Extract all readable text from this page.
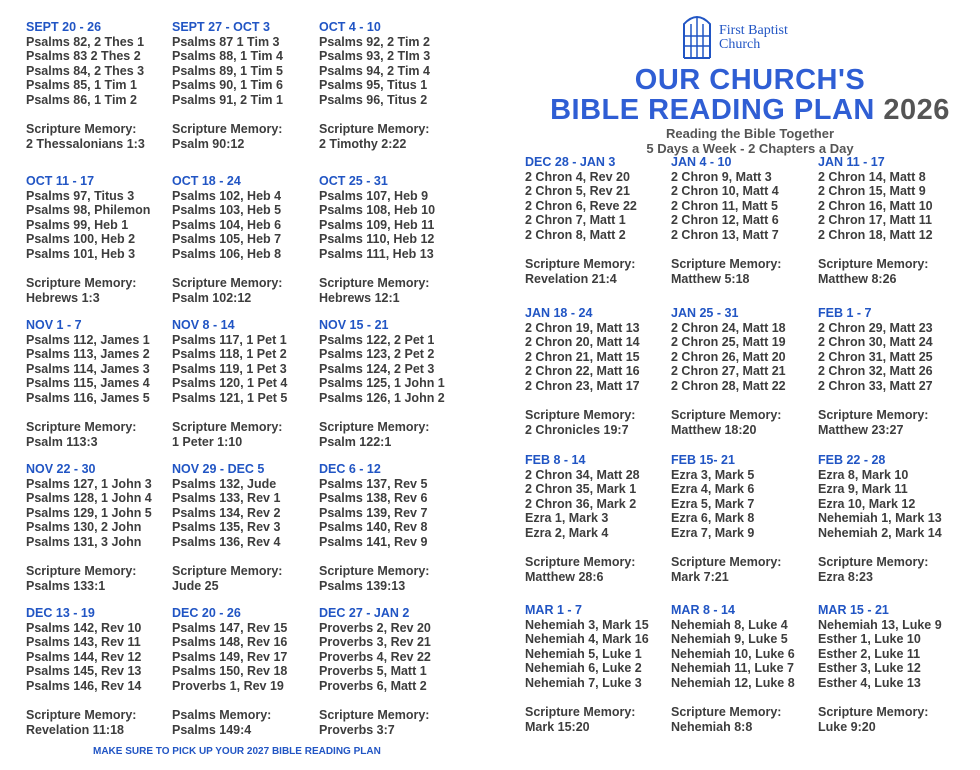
SEPT 20 - 26
Psalms 82, 2 Thes 1
Psalms 83 2 Thes 2
Psalms 84, 2 Thes 3
Psalms 85, 1 Tim 1
Psalms 86, 1 Tim 2
Scripture Memory:
2 Thessalonians 1:3
SEPT 27 - OCT 3
Psalms 87 1 Tim 3
Psalms 88, 1 Tim 4
Psalms 89, 1 Tim 5
Psalms 90, 1 Tim 6
Psalms 91, 2 Tim 1
Scripture Memory:
Psalm 90:12
OCT 4 - 10
Psalms 92, 2 Tim 2
Psalms 93, 2 TIm 3
Psalms 94, 2 Tim 4
Psalms 95, Titus 1
Psalms 96, Titus 2
Scripture Memory:
2 Timothy 2:22
OCT 11 - 17
Psalms 97, Titus 3
Psalms 98, Philemon
Psalms 99, Heb 1
Psalms 100, Heb 2
Psalms 101, Heb 3
Scripture Memory:
Hebrews 1:3
OCT 18 - 24
Psalms 102, Heb 4
Psalms 103, Heb 5
Psalms 104, Heb 6
Psalms 105, Heb 7
Psalms 106, Heb 8
Scripture Memory:
Psalm 102:12
OCT 25 - 31
Psalms 107, Heb 9
Psalms 108, Heb 10
Psalms 109, Heb 11
Psalms 110, Heb 12
Psalms 111, Heb 13
Scripture Memory:
Hebrews 12:1
NOV 1 - 7
Psalms 112, James 1
Psalms 113, James 2
Psalms 114, James 3
Psalms 115, James 4
Psalms 116, James 5
Scripture Memory:
Psalm 113:3
NOV 8 - 14
Psalms 117, 1 Pet 1
Psalms 118, 1 Pet 2
Psalms 119, 1 Pet 3
Psalms 120, 1 Pet 4
Psalms 121, 1 Pet 5
Scripture Memory:
1 Peter 1:10
NOV 15 - 21
Psalms 122, 2 Pet 1
Psalms 123, 2 Pet 2
Psalms 124, 2 Pet 3
Psalms 125, 1 John 1
Psalms 126, 1 John 2
Scripture Memory:
Psalm 122:1
NOV 22 - 30
Psalms 127, 1 John 3
Psalms 128, 1 John 4
Psalms 129, 1 John 5
Psalms 130, 2 John
Psalms 131, 3 John
Scripture Memory:
Psalms 133:1
NOV 29 - DEC 5
Psalms 132, Jude
Psalms 133, Rev 1
Psalms 134, Rev 2
Psalms 135, Rev 3
Psalms 136, Rev 4
Scripture Memory:
Jude 25
DEC 6 - 12
Psalms 137, Rev 5
Psalms 138, Rev 6
Psalms 139, Rev 7
Psalms 140, Rev 8
Psalms 141, Rev 9
Scripture Memory:
Psalms 139:13
DEC 13 - 19
Psalms 142, Rev 10
Psalms 143, Rev 11
Psalms 144, Rev 12
Psalms 145, Rev 13
Psalms 146, Rev 14
Scripture Memory:
Revelation 11:18
DEC 20 - 26
Psalms 147, Rev 15
Psalms 148, Rev 16
Psalms 149, Rev 17
Psalms 150, Rev 18
Proverbs 1, Rev 19
Psalms Memory:
Psalms 149:4
DEC 27 - JAN 2
Proverbs 2, Rev 20
Proverbs 3, Rev 21
Proverbs 4, Rev 22
Proverbs 5, Matt 1
Proverbs 6, Matt 2
Scripture Memory:
Proverbs 3:7
DEC 28 - JAN 3
2 Chron 4, Rev 20
2 Chron 5, Rev 21
2 Chron 6, Reve 22
2 Chron 7, Matt 1
2 Chron 8, Matt 2
Scripture Memory:
Revelation 21:4
JAN 4 - 10
2 Chron 9, Matt 3
2 Chron 10, Matt 4
2 Chron 11, Matt 5
2 Chron 12, Matt 6
2 Chron 13, Matt 7
Scripture Memory:
Matthew 5:18
JAN 11 - 17
2 Chron 14, Matt 8
2 Chron 15, Matt 9
2 Chron 16, Matt 10
2 Chron 17, Matt 11
2 Chron 18, Matt 12
Scripture Memory:
Matthew 8:26
JAN 18 - 24
2 Chron 19, Matt 13
2 Chron 20, Matt 14
2 Chron 21, Matt 15
2 Chron 22, Matt 16
2 Chron 23, Matt 17
Scripture Memory:
2 Chronicles 19:7
JAN 25 - 31
2 Chron 24, Matt 18
2 Chron 25, Matt 19
2 Chron 26, Matt 20
2 Chron 27, Matt 21
2 Chron 28, Matt 22
Scripture Memory:
Matthew 18:20
FEB 1 - 7
2 Chron 29, Matt 23
2 Chron 30, Matt 24
2 Chron 31, Matt 25
2 Chron 32, Matt 26
2 Chron 33, Matt 27
Scripture Memory:
Matthew 23:27
FEB 8 - 14
2 Chron 34, Matt 28
2 Chron 35, Mark 1
2 Chron 36, Mark 2
Ezra 1, Mark 3
Ezra 2, Mark 4
Scripture Memory:
Matthew 28:6
FEB 15- 21
Ezra 3, Mark 5
Ezra 4, Mark 6
Ezra 5, Mark 7
Ezra 6, Mark 8
Ezra 7, Mark 9
Scripture Memory:
Mark 7:21
FEB 22 - 28
Ezra 8, Mark 10
Ezra 9, Mark 11
Ezra 10, Mark 12
Nehemiah 1, Mark 13
Nehemiah 2, Mark 14
Scripture Memory:
Ezra 8:23
MAR 1 - 7
Nehemiah 3, Mark 15
Nehemiah 4, Mark 16
Nehemiah 5, Luke 1
Nehemiah 6, Luke 2
Nehemiah 7, Luke 3
Scripture Memory:
Mark 15:20
MAR 8 - 14
Nehemiah 8, Luke 4
Nehemiah 9, Luke 5
Nehemiah 10, Luke 6
Nehemiah 11, Luke 7
Nehemiah 12, Luke 8
Scripture Memory:
Nehemiah 8:8
MAR 15 - 21
Nehemiah 13, Luke 9
Esther 1, Luke 10
Esther 2, Luke 11
Esther 3, Luke 12
Esther 4, Luke 13
Scripture Memory:
Luke 9:20
First Baptist Church
OUR CHURCH'S
BIBLE READING PLAN 2026
Reading the Bible Together
5 Days a Week - 2 Chapters a Day
MAKE SURE TO PICK UP YOUR 2027 BIBLE READING PLAN
